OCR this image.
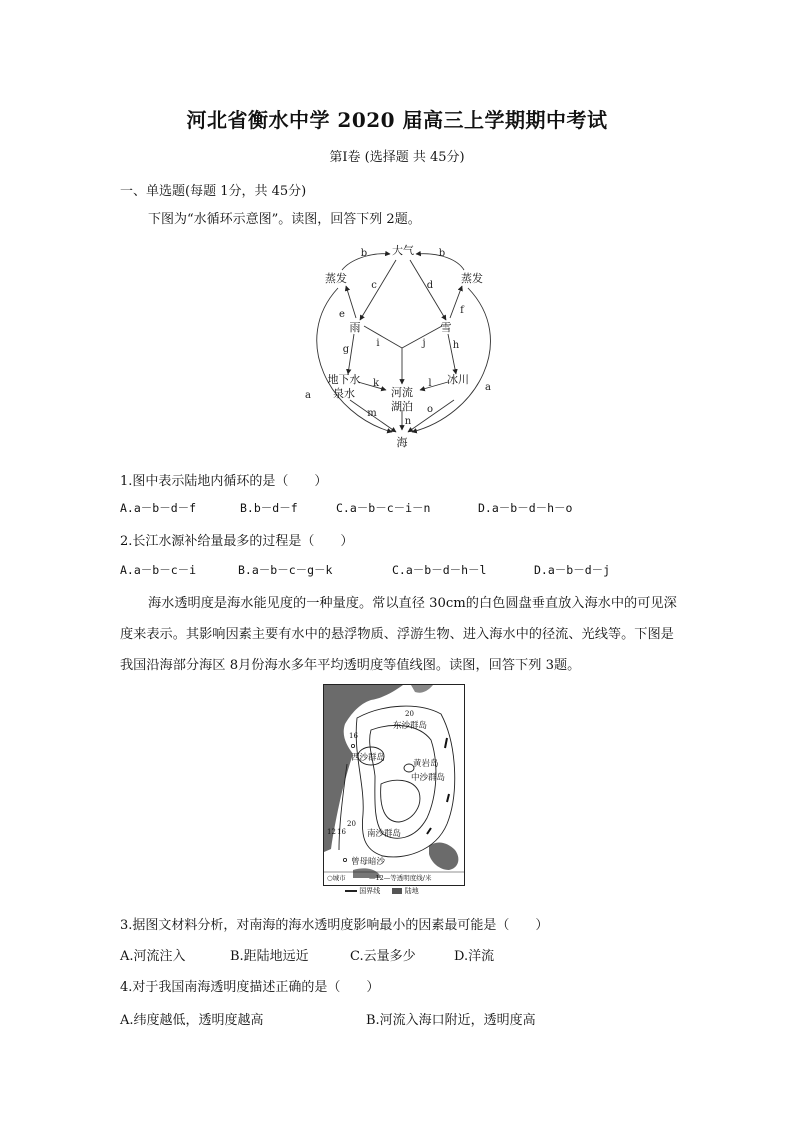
河北省衡水中学 2020 届高三上学期期中考试
第Ⅰ卷 (选择题 共 45分)
一、单选题(每题 1分，共 45分)
下图为“水循环示意图”。读图，回答下列 2题。
大气
蒸发	蒸发
雨	雪
地下水
泉水	河流
湖泊
冰川
海
a
b	b
c	d
e	f
g	h
i	j
k	l
m
n
o
a
1.图中表示陆地内循环的是（　　）
A.a－b－d－f	B.b－d－f	C.a－b－c－i－n	D.a－b－d－h－o
2.长江水源补给量最多的过程是（　　）
A.a－b－c－i	B.a－b－c－g－k	C.a－b－d－h－l	D.a－b－d－j
海水透明度是海水能见度的一种量度。常以直径 30cm的白色圆盘垂直放入海水中的可见深度来表示。其影响因素主要有水中的悬浮物质、浮游生物、进入海水中的径流、光线等。下图是我国沿海部分海区 8月份海水多年平均透明度等值线图。读图，回答下列 3题。
东沙群岛
西沙群岛
黄岩岛
中沙群岛
南沙群岛
曾母暗沙
20
16
12 16
20
○城市	—12—等透明度线/米
国界线	陆地
3.据图文材料分析，对南海的海水透明度影响最小的因素最可能是（　　）
A.河流注入	B.距陆地远近	C.云量多少	D.洋流
4.对于我国南海透明度描述正确的是（　　）
A.纬度越低，透明度越高	B.河流入海口附近，透明度高
